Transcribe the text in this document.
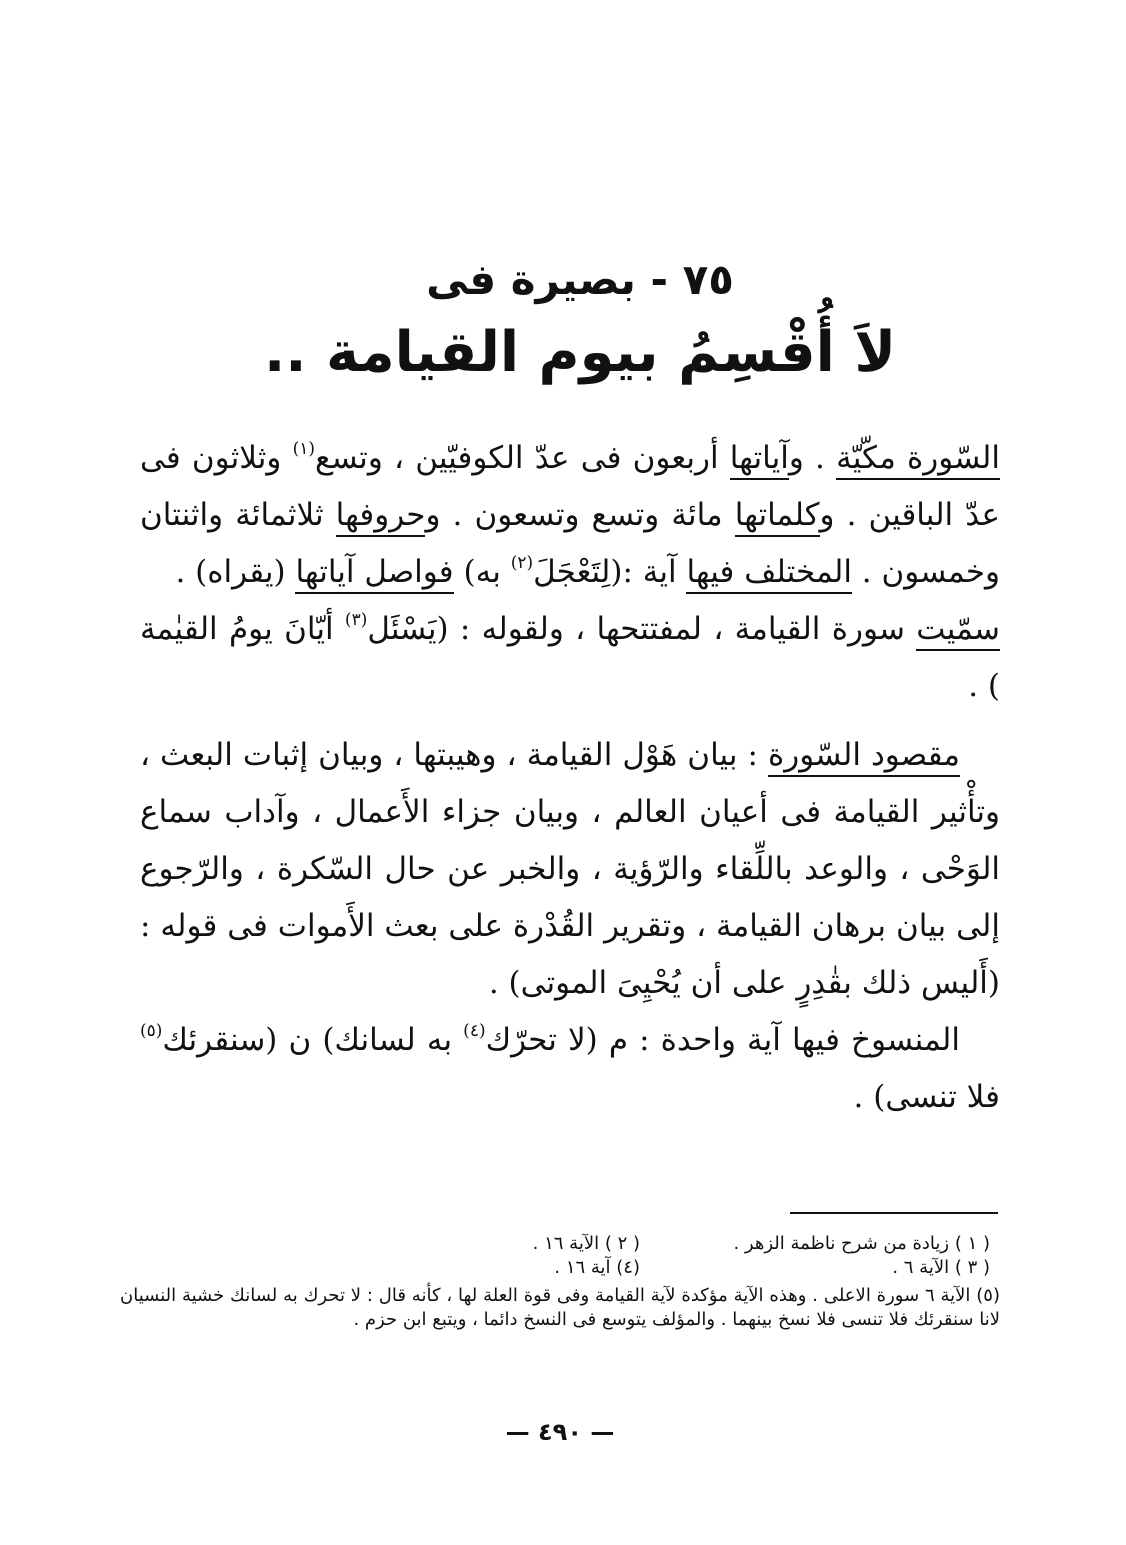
٧٥ - بصيرة فى
لاَ أُقْسِمُ بيوم القيامة ..

السّورة مكّيّة . وآياتها أربعون فى عدّ الكوفيّين ، وتسع$^{(١)}$ وثلاثون فى عدّ الباقين . وكلماتها مائة وتسع وتسعون . وحروفها ثلاثمائة واثنتان وخمسون . المختلف فيها آية :(لِتَعْجَلَ$^{(٢)}$ به) فواصل آياتها (يقراه) .

سمّيت سورة القيامة ، لمفتتحها ، ولقوله : (يَسْئَل$^{(٣)}$ أيّانَ يومُ القيٰمة ) .

مقصود السّورة : بيان هَوْل القيامة ، وهيبتها ، وبيان إثبات البعث ، وتأْثير القيامة فى أعيان العالم ، وبيان جزاء الأَعمال ، وآداب سماع الوَحْى ، والوعد باللِّقاء والرّؤية ، والخبر عن حال السّكرة ، والرّجوع إلى بيان برهان القيامة ، وتقرير القُدْرة على بعث الأَموات فى قوله : (أَليس ذلك بقٰدِرٍ على أن يُحْيِىَ الموتى) .

المنسوخ فيها آية واحدة : م (لا تحرّك$^{(٤)}$ به لسانك) ن (سنقرئك$^{(٥)}$ فلا تنسى) .

( ١ ) زيادة من شرح ناظمة الزهر .
( ٢ ) الآية ١٦ .
( ٣ ) الآية ٦ .
(٤) آية ١٦ .
(٥) الآية ٦ سورة الاعلى . وهذه الآية مؤكدة لآية القيامة وفى قوة العلة لها ، كأنه قال : لا تحرك به لسانك خشية النسيان لانا سنقرئك فلا تنسى فلا نسخ بينهما . والمؤلف يتوسع فى النسخ دائما ، ويتبع ابن حزم .
— ٤٩٠ —
